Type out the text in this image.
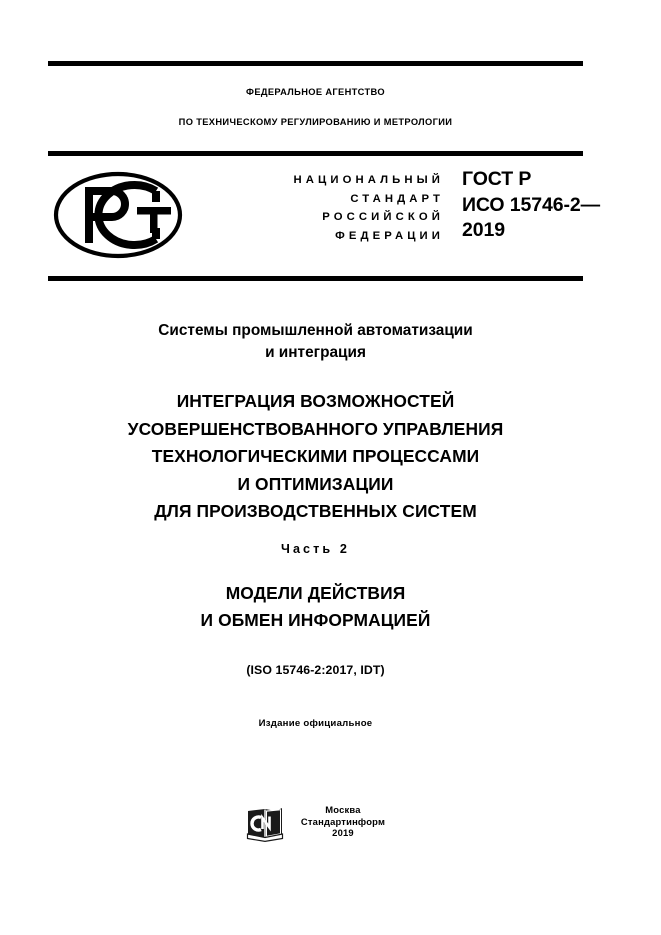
ФЕДЕРАЛЬНОЕ АГЕНТСТВО
ПО ТЕХНИЧЕСКОМУ РЕГУЛИРОВАНИЮ И МЕТРОЛОГИИ
НАЦИОНАЛЬНЫЙ
СТАНДАРТ
РОССИЙСКОЙ
ФЕДЕРАЦИИ
ГОСТ Р
ИСО 15746-2—
2019
Системы промышленной автоматизации
и интеграция
ИНТЕГРАЦИЯ ВОЗМОЖНОСТЕЙ
УСОВЕРШЕНСТВОВАННОГО УПРАВЛЕНИЯ
ТЕХНОЛОГИЧЕСКИМИ ПРОЦЕССАМИ
И ОПТИМИЗАЦИИ
ДЛЯ ПРОИЗВОДСТВЕННЫХ СИСТЕМ
Часть 2
МОДЕЛИ ДЕЙСТВИЯ
И ОБМЕН ИНФОРМАЦИЕЙ
(ISO 15746-2:2017, IDT)
Издание официальное
Москва
Стандартинформ
2019
